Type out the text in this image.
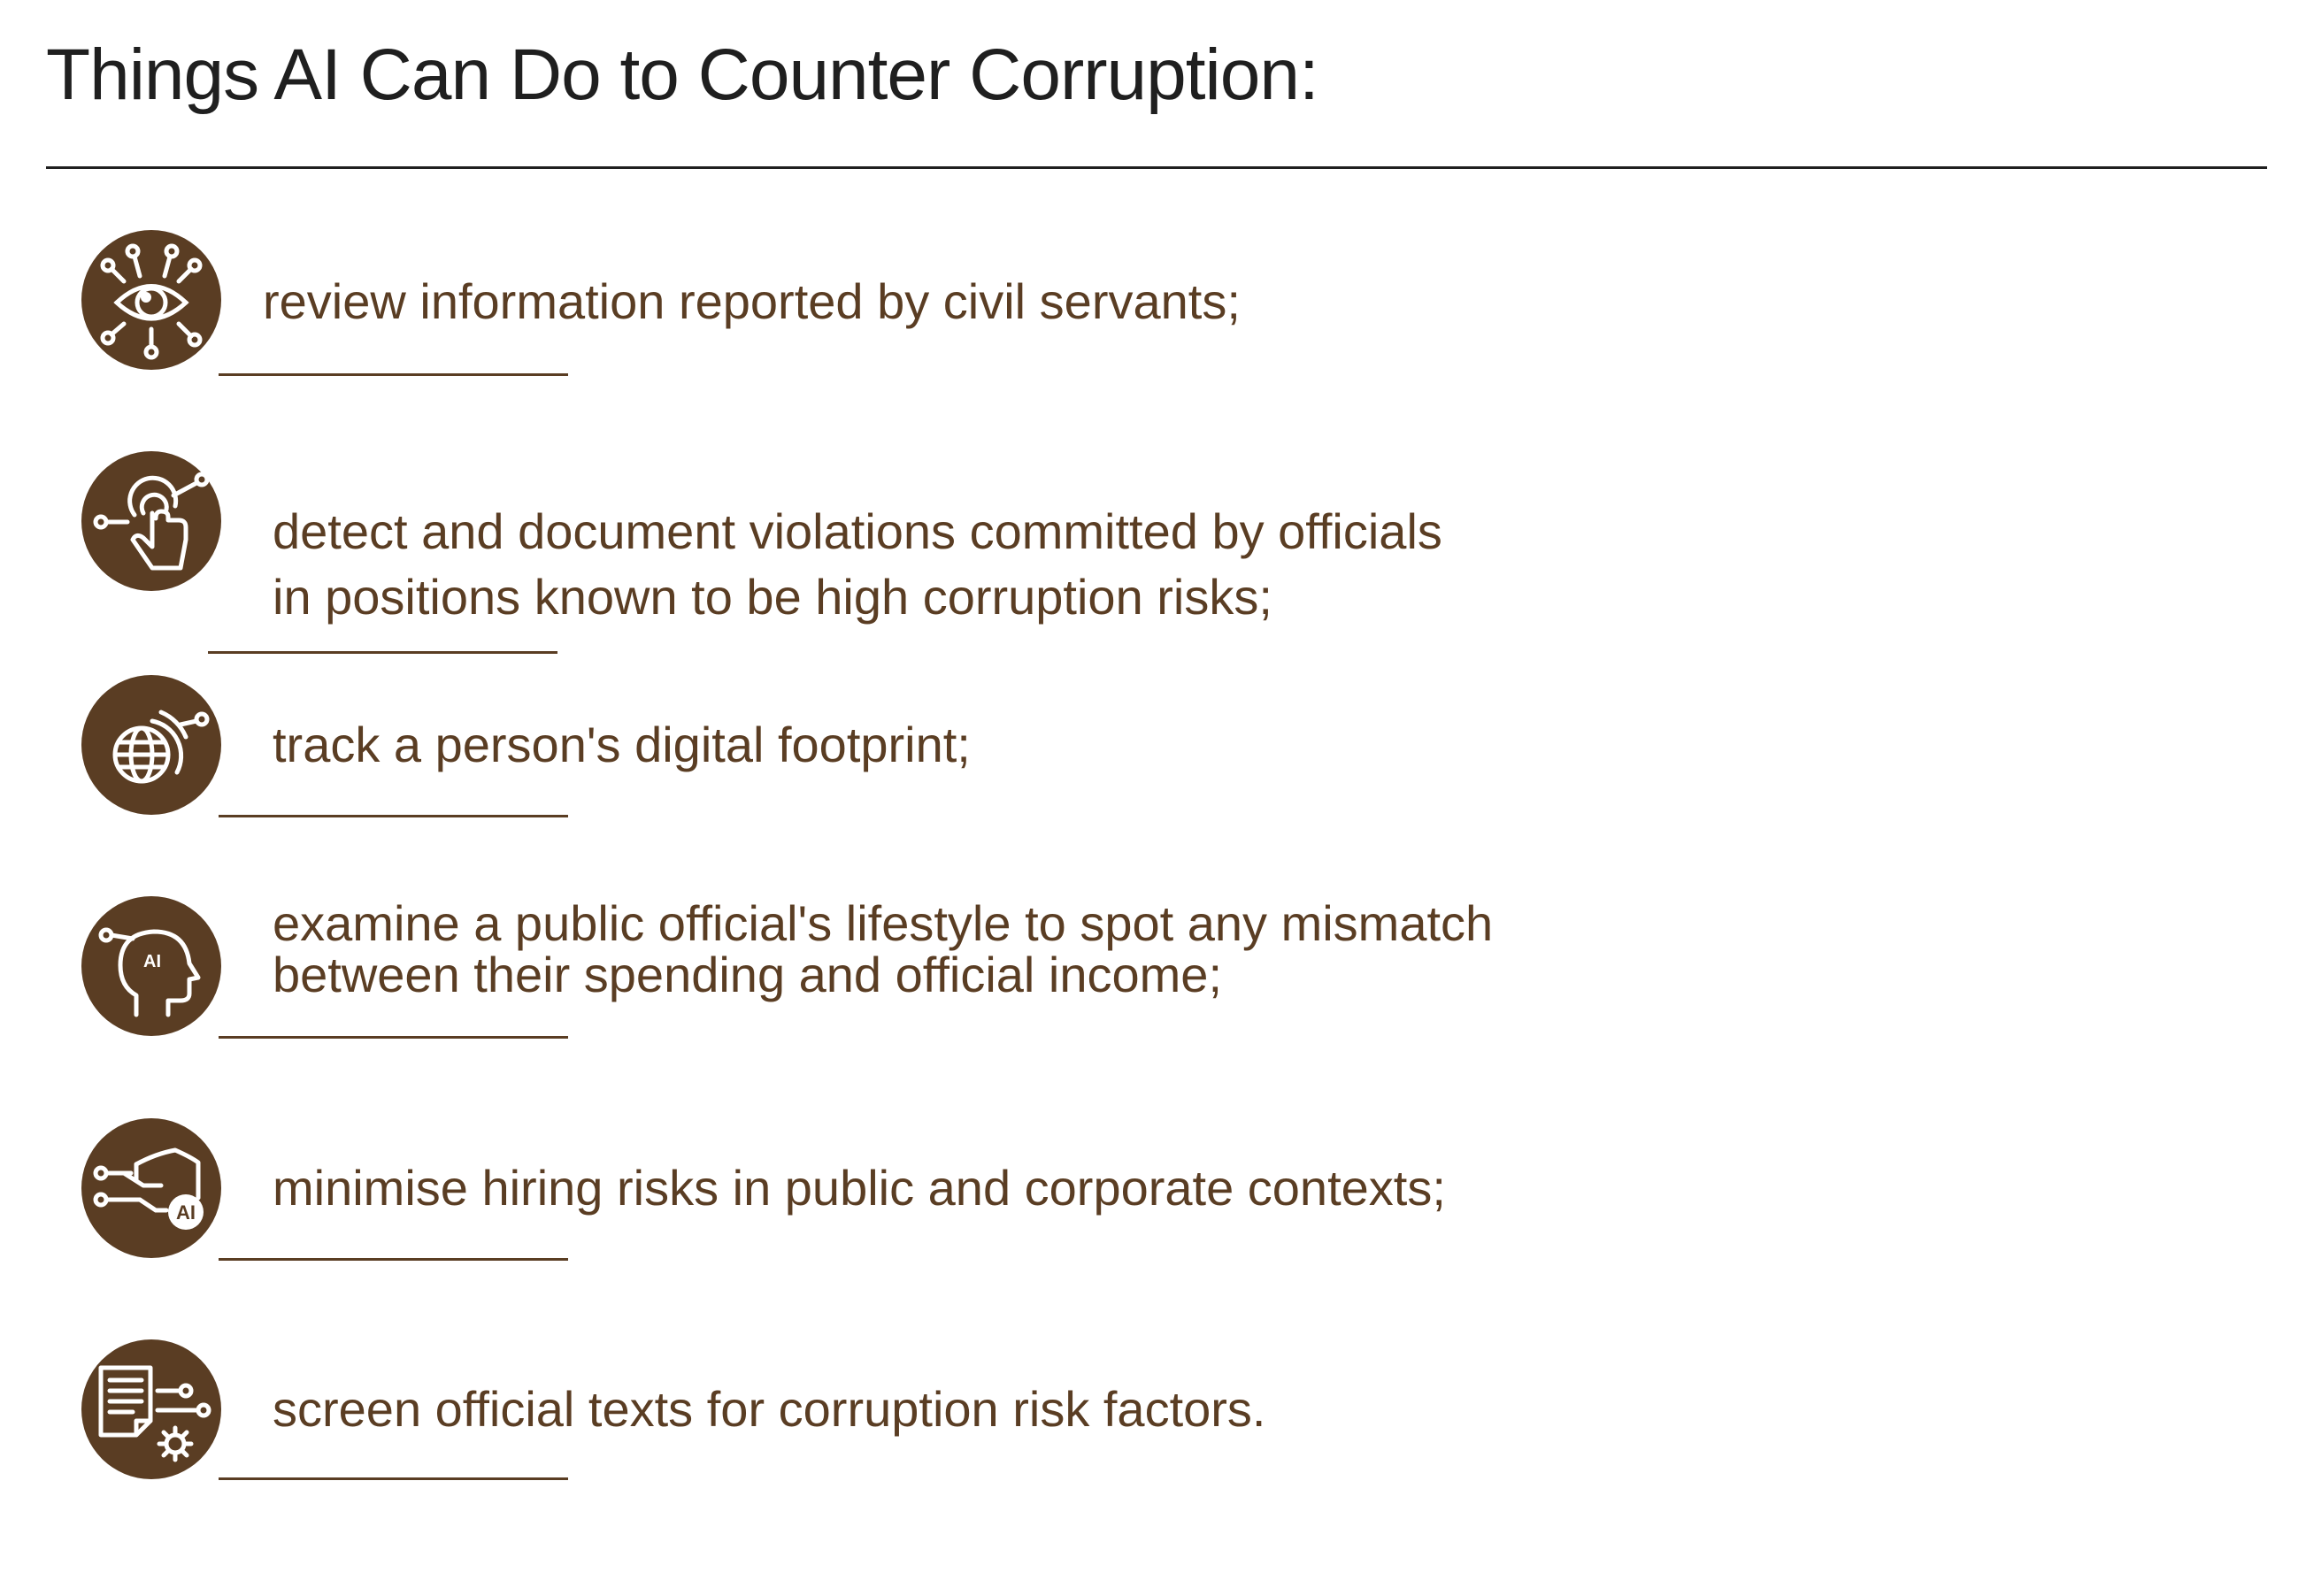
Things AI Can Do to Counter Corruption:
review information reported by civil servants;
detect and document violations committed by officials
in positions known to be high corruption risks;
track a person's digital footprint;
AI
examine a public official's lifestyle to spot any mismatch
between their spending and official income;
AI minimise hiring risks in public and corporate contexts;
screen official texts for corruption risk factors.
